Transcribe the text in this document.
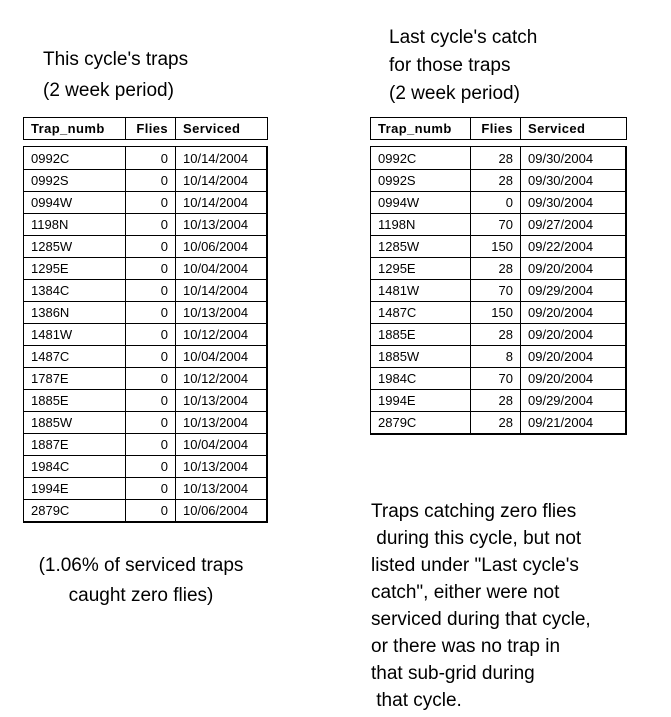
This cycle's traps
(2 week period)
Trap_numb	Flies	Serviced
0992C	0	10/14/2004
0992S	0	10/14/2004
0994W	0	10/14/2004
1198N	0	10/13/2004
1285W	0	10/06/2004
1295E	0	10/04/2004
1384C	0	10/14/2004
1386N	0	10/13/2004
1481W	0	10/12/2004
1487C	0	10/04/2004
1787E	0	10/12/2004
1885E	0	10/13/2004
1885W	0	10/13/2004
1887E	0	10/04/2004
1984C	0	10/13/2004
1994E	0	10/13/2004
2879C	0	10/06/2004
(1.06% of serviced traps
caught zero flies)
Last cycle's catch
for those traps
(2 week period)
Trap_numb	Flies	Serviced
0992C	28	09/30/2004
0992S	28	09/30/2004
0994W	0	09/30/2004
1198N	70	09/27/2004
1285W	150	09/22/2004
1295E	28	09/20/2004
1481W	70	09/29/2004
1487C	150	09/20/2004
1885E	28	09/20/2004
1885W	8	09/20/2004
1984C	70	09/20/2004
1994E	28	09/29/2004
2879C	28	09/21/2004
Traps catching zero flies
during this cycle, but not
listed under "Last cycle's
catch", either were not
serviced during that cycle,
or there was no trap in
that sub-grid during
that cycle.
